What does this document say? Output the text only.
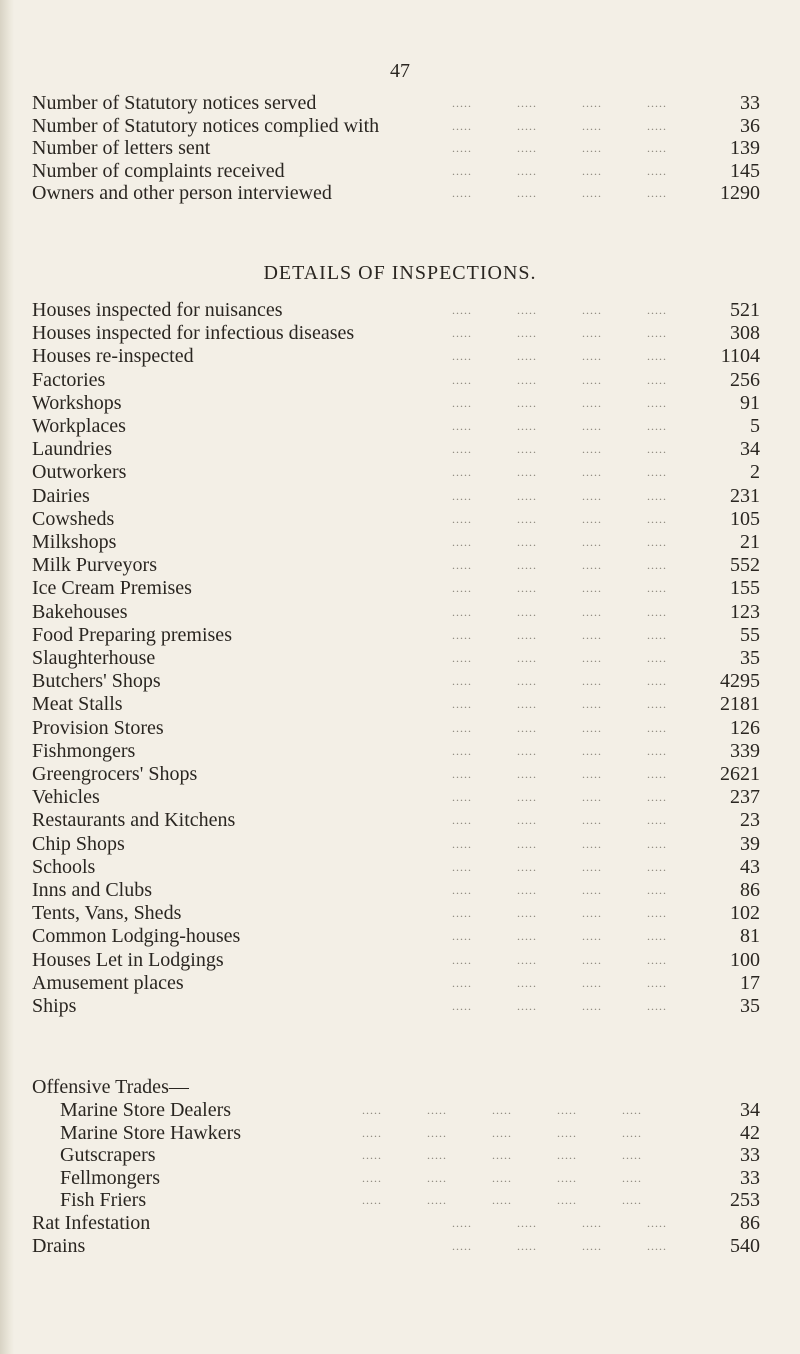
47
Number of Statutory notices served	33
.....	.....	.....	.....
Number of Statutory notices complied with	36
.....	.....	.....	.....
Number of letters sent	139
.....	.....	.....	.....
Number of complaints received	145
.....	.....	.....	.....
Owners and other person interviewed	1290
.....	.....	.....	.....
DETAILS OF INSPECTIONS.
Houses inspected for nuisances	521
.....	.....	.....	.....
Houses inspected for infectious diseases	308
.....	.....	.....	.....
Houses re-inspected	1104
.....	.....	.....	.....
Factories	256
.....	.....	.....	.....
Workshops	91
.....	.....	.....	.....
Workplaces	5
.....	.....	.....	.....
Laundries	34
.....	.....	.....	.....
Outworkers	2
.....	.....	.....	.....
Dairies	231
.....	.....	.....	.....
Cowsheds	105
.....	.....	.....	.....
Milkshops	21
.....	.....	.....	.....
Milk Purveyors	552
.....	.....	.....	.....
Ice Cream Premises	155
.....	.....	.....	.....
Bakehouses	123
.....	.....	.....	.....
Food Preparing premises	55
.....	.....	.....	.....
Slaughterhouse	35
.....	.....	.....	.....
Butchers' Shops	4295
.....	.....	.....	.....
Meat Stalls	2181
.....	.....	.....	.....
Provision Stores	126
.....	.....	.....	.....
Fishmongers	339
.....	.....	.....	.....
Greengrocers' Shops	2621
.....	.....	.....	.....
Vehicles	237
.....	.....	.....	.....
Restaurants and Kitchens	23
.....	.....	.....	.....
Chip Shops	39
.....	.....	.....	.....
Schools	43
.....	.....	.....	.....
Inns and Clubs	86
.....	.....	.....	.....
Tents, Vans, Sheds	102
.....	.....	.....	.....
Common Lodging-houses	81
.....	.....	.....	.....
Houses Let in Lodgings	100
.....	.....	.....	.....
Amusement places	17
.....	.....	.....	.....
Ships	35
.....	.....	.....	.....
Offensive Trades—
Marine Store Dealers	34
.....	.....	.....	.....	.....
Marine Store Hawkers	42
.....	.....	.....	.....	.....
Gutscrapers	33
.....	.....	.....	.....	.....
Fellmongers	33
.....	.....	.....	.....	.....
Fish Friers	253
.....	.....	.....	.....	.....
Rat Infestation	86
.....	.....	.....	.....
Drains	540
.....	.....	.....	.....
